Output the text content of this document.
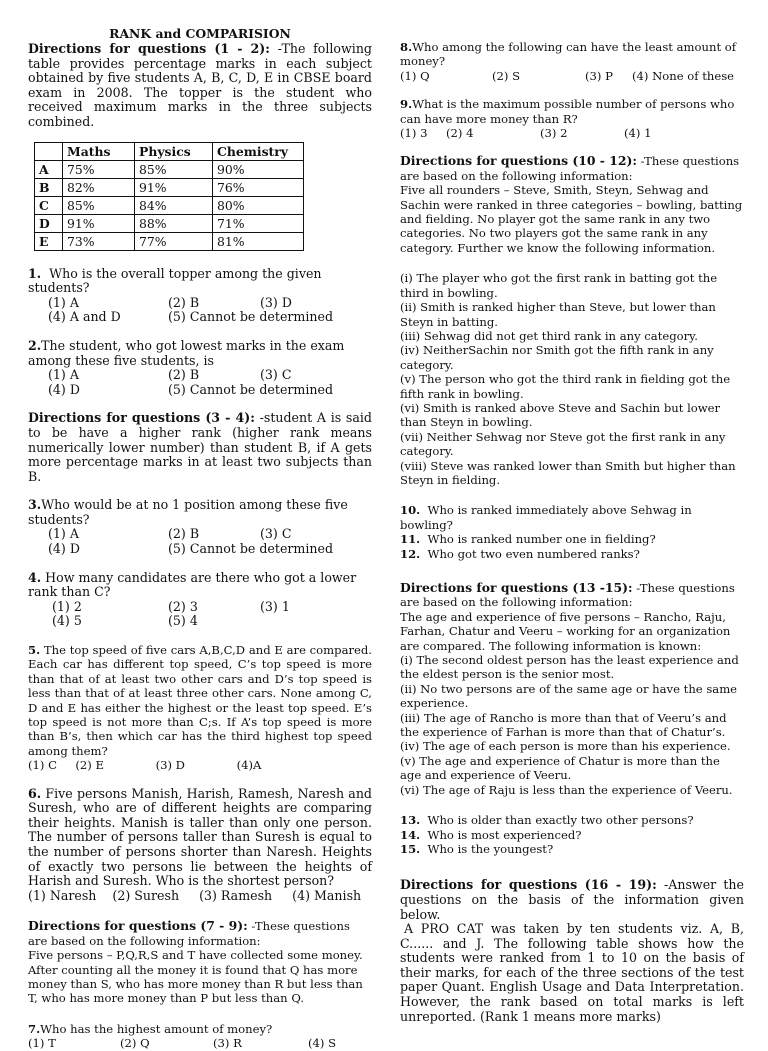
RANK and COMPARISION

Directions for questions (1 - 2): -The following table provides percentage marks in each subject obtained by five students A, B, C, D, E in CBSE board exam in 2008. The topper is the student who received maximum marks in the three subjects combined.

	Maths	Physics	Chemistry
A	75%	85%	90%
B	82%	91%	76%
C	85%	84%	80%
D	91%	88%	71%
E	73%	77%	81%

1. Who is the overall topper among the given students?

(1) A	(2) B	(3) D
(4) A and D	(5) Cannot be determined

2.The student, who got lowest marks in the exam among these five students, is

(1) A	(2) B	(3) C
(4) D	(5) Cannot be determined

Directions for questions (3 - 4): -student A is said to be have a higher rank (higher rank means numerically lower number) than student B, if A gets more percentage marks in at least two subjects than B.

3.Who would be at no 1 position among these five students?

(1) A	(2) B	(3) C
(4) D	(5) Cannot be determined

4. How many candidates are there who got a lower rank than C?

(1) 2	(2) 3	(3) 1
(4) 5	(5) 4

5. The top speed of five cars A,B,C,D and E are compared. Each car has different top speed, C’s top speed is more than that of at least two other cars and D’s top speed is less than that of at least three other cars. None among C, D and E has either the highest or the least top speed. E’s top speed is not more than C;s. If A’s top speed is more than B’s, then which car has the third highest top speed among them?

(1) C     (2) E              (3) D              (4)A

6. Five persons Manish, Harish, Ramesh, Naresh and Suresh, who are of different heights are comparing their heights. Manish is taller than only one person. The number of persons taller than Suresh is equal to the number of persons shorter than Naresh. Heights of exactly two persons lie between the heights of Harish and Suresh. Who is the shortest person?

(1) Naresh    (2) Suresh     (3) Ramesh     (4) Manish

Directions for questions (7 - 9): -These questions are based on the following information:

Five persons – P,Q,R,S and T have collected some money. After counting all the money it is found that Q has more money than S, who has more money than R but less than T, who has more money than P but less than Q.

7.Who has the highest amount of money?

(1) T	(2) Q	(3) R	(4) S

8.Who among the following can have the least amount of money?

(1) Q	(2) S	(3) P	(4) None of these

9.What is the maximum possible number of persons who can have more money than R?

(1) 3	(2) 4	(3) 2	(4) 1

Directions for questions (10 - 12): -These questions are based on the following information:

Five all rounders – Steve, Smith, Steyn, Sehwag and Sachin were ranked in three categories – bowling, batting and fielding. No player got the same rank in any two categories. No two players got the same rank in any category. Further we know the following information.

(i) The player who got the first rank in batting got the third in bowling.

(ii) Smith is ranked higher than Steve, but lower than Steyn in batting.

(iii) Sehwag did not get third rank in any category.

(iv) NeitherSachin nor Smith got the fifth rank in any category.

(v) The person who got the third rank in fielding got the fifth rank in bowling.

(vi) Smith is ranked above Steve and Sachin but lower than Steyn in bowling.

(vii) Neither Sehwag nor Steve got the first rank in any category.

(viii) Steve was ranked lower than Smith but higher than Steyn in fielding.

10. Who is ranked immediately above Sehwag in bowling?

11. Who is ranked number one in fielding?

12. Who got two even numbered ranks?

Directions for questions (13 -15): -These questions are based on the following information:

The age and experience of five persons – Rancho, Raju, Farhan, Chatur and Veeru – working for an organization are compared. The following information is known:

(i) The second oldest person has the least experience and the eldest person is the senior most.

(ii) No two persons are of the same age or have the same experience.

(iii) The age of Rancho is more than that of Veeru’s and the experience of Farhan is more than that of Chatur’s.

(iv) The age of each person is more than his experience.

(v) The age and experience of Chatur is more than the age and experience of Veeru.

(vi) The age of Raju is less than the experience of Veeru.

13. Who is older than exactly two other persons?

14. Who is most experienced?

15. Who is the youngest?

Directions for questions (16 - 19): -Answer the questions on the basis of the information given below.

A PRO CAT was taken by ten students viz. A, B, C...... and J. The following table shows how the students were ranked from 1 to 10 on the basis of their marks, for each of the three sections of the test paper Quant. English Usage and Data Interpretation. However, the rank based on total marks is left unreported. (Rank 1 means more marks)
